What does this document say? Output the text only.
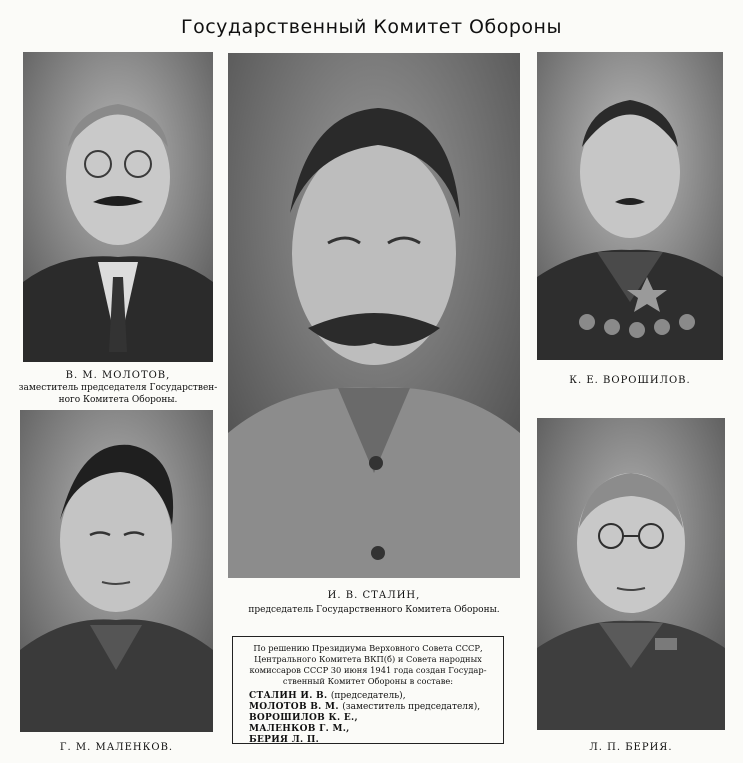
Государственный Комитет Обороны
В. М. МОЛОТОВ,
заместитель председателя Государствен-
ного Комитета Обороны.
И. В. СТАЛИН,
председатель Государственного Комитета Обороны.
К. Е. ВОРОШИЛОВ.
Г. М. МАЛЕНКОВ.	Л. П. БЕРИЯ.
По решению Президиума Верховного Совета СССР,
Центрального Комитета ВКП(б) и Совета народных
комиссаров СССР 30 июня 1941 года создан Государ-
ственный Комитет Обороны в составе:
СТАЛИН И. В. (председатель),
МОЛОТОВ В. М. (заместитель председателя),
ВОРОШИЛОВ К. Е.,
МАЛЕНКОВ Г. М.,
БЕРИЯ Л. П.
